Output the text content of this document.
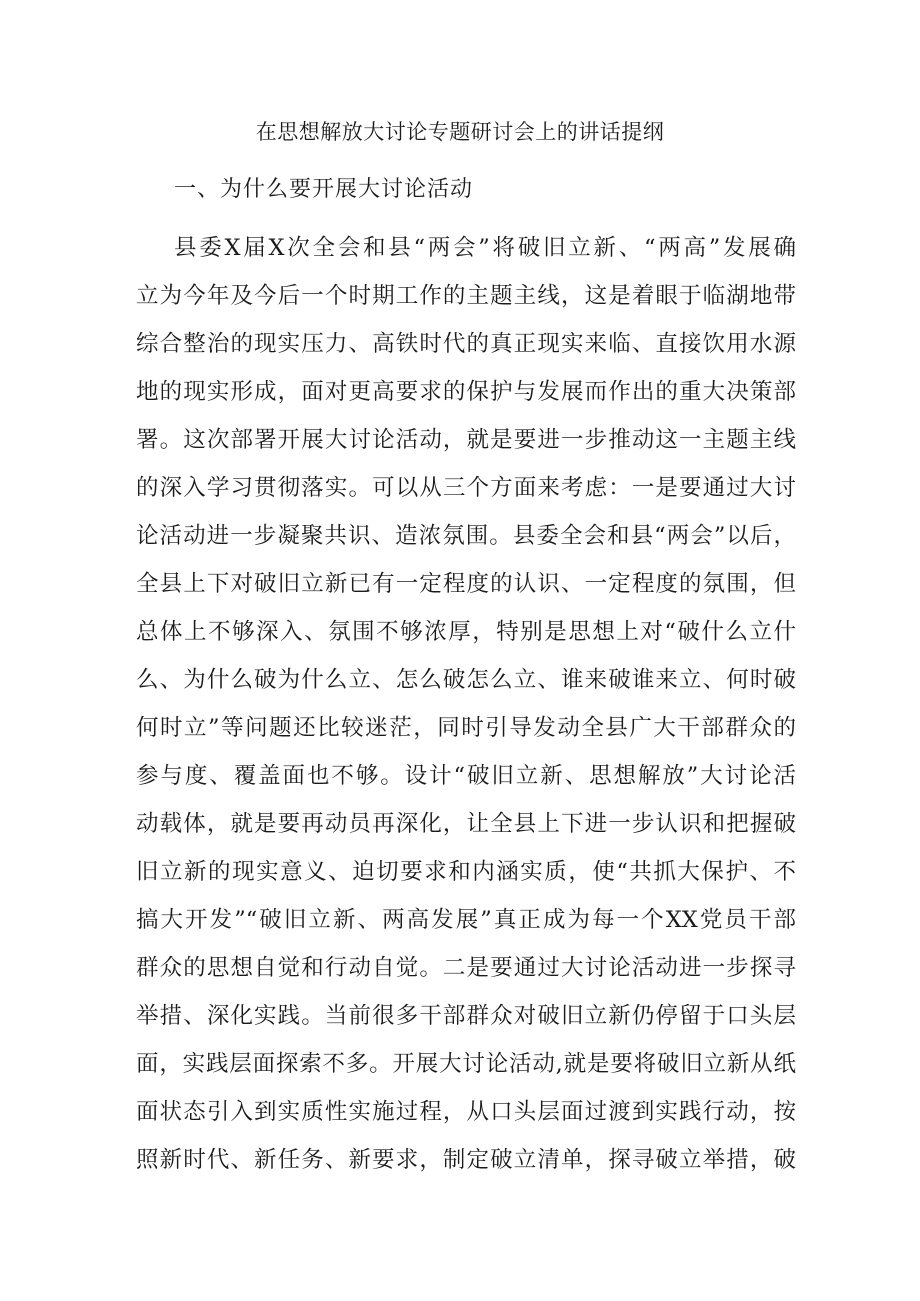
在思想解放大讨论专题研讨会上的讲话提纲
一、为什么要开展大讨论活动
县委X届X次全会和县“两会”将破旧立新、“两高”发展确
立为今年及今后一个时期工作的主题主线，这是着眼于临湖地带
综合整治的现实压力、高铁时代的真正现实来临、直接饮用水源
地的现实形成，面对更高要求的保护与发展而作出的重大决策部
署。这次部署开展大讨论活动，就是要进一步推动这一主题主线
的深入学习贯彻落实。可以从三个方面来考虑：一是要通过大讨
论活动进一步凝聚共识、造浓氛围。县委全会和县“两会”以后，
全县上下对破旧立新已有一定程度的认识、一定程度的氛围，但
总体上不够深入、氛围不够浓厚，特别是思想上对“破什么立什
么、为什么破为什么立、怎么破怎么立、谁来破谁来立、何时破
何时立”等问题还比较迷茫，同时引导发动全县广大干部群众的
参与度、覆盖面也不够。设计“破旧立新、思想解放”大讨论活
动载体，就是要再动员再深化，让全县上下进一步认识和把握破
旧立新的现实意义、迫切要求和内涵实质，使“共抓大保护、不
搞大开发”“破旧立新、两高发展”真正成为每一个XX党员干部
群众的思想自觉和行动自觉。二是要通过大讨论活动进一步探寻
举措、深化实践。当前很多干部群众对破旧立新仍停留于口头层
面，实践层面探索不多。开展大讨论活动,就是要将破旧立新从纸
面状态引入到实质性实施过程，从口头层面过渡到实践行动，按
照新时代、新任务、新要求，制定破立清单，探寻破立举措，破
